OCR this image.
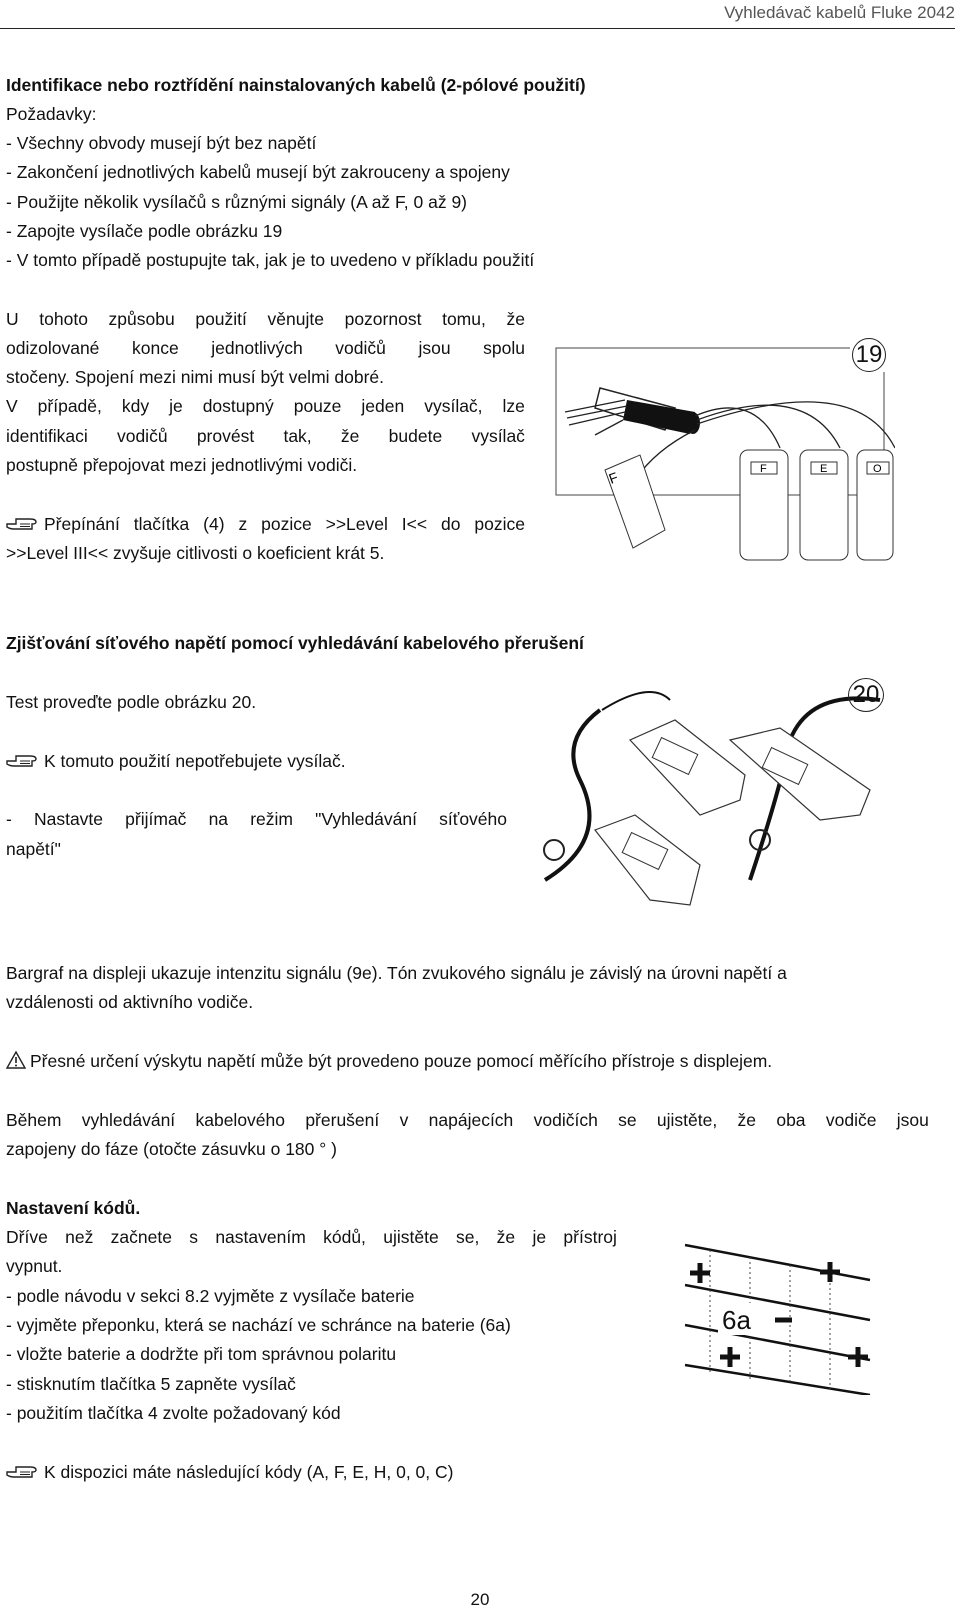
Vyhledávač kabelů Fluke 2042
Identifikace nebo roztřídění nainstalovaných kabelů (2-pólové použití)
Požadavky:
- Všechny obvody musejí být bez napětí
- Zakončení jednotlivých kabelů musejí být zakrouceny a spojeny
- Použijte několik vysílačů s různými signály (A až F, 0 až 9)
- Zapojte vysílače podle obrázku 19
- V tomto případě postupujte tak, jak je to uvedeno v příkladu použití
U tohoto způsobu použití věnujte pozornost tomu, že
odizolované konce jednotlivých vodičů jsou spolu
stočeny. Spojení mezi nimi musí být velmi dobré.
V případě, kdy je dostupný pouze jeden vysílač, lze
identifikaci vodičů provést tak, že budete vysílač
postupně přepojovat mezi jednotlivými vodiči.
Přepínání tlačítka (4) z pozice >>Level I<< do pozice
>>Level III<< zvyšuje citlivosti o koeficient krát 5.
F	F	E	O
19
Zjišťování síťového napětí pomocí vyhledávání kabelového přerušení
Test proveďte podle obrázku 20.
K tomuto použití nepotřebujete vysílač.
- Nastavte přijímač na režim "Vyhledávání síťového
napětí"
20
Bargraf na displeji ukazuje intenzitu signálu (9e). Tón zvukového signálu je závislý na úrovni napětí a
vzdálenosti od aktivního vodiče.
Přesné určení výskytu napětí může být provedeno pouze pomocí měřícího přístroje s displejem.
Během vyhledávání kabelového přerušení v napájecích vodičích se ujistěte, že oba vodiče jsou
zapojeny do fáze (otočte zásuvku o 180 ° )
Nastavení kódů.
Dříve než začnete s nastavením kódů, ujistěte se, že je přístroj
vypnut.
- podle návodu v sekci 8.2 vyjměte z vysílače baterie
- vyjměte přeponku, která se nachází ve schránce na baterie (6a)
- vložte baterie a dodržte při tom správnou polaritu
- stisknutím tlačítka 5 zapněte vysílač
- použitím tlačítka 4 zvolte požadovaný kód
K dispozici máte následující kódy (A, F, E, H, 0, 0, C)
6a
20
